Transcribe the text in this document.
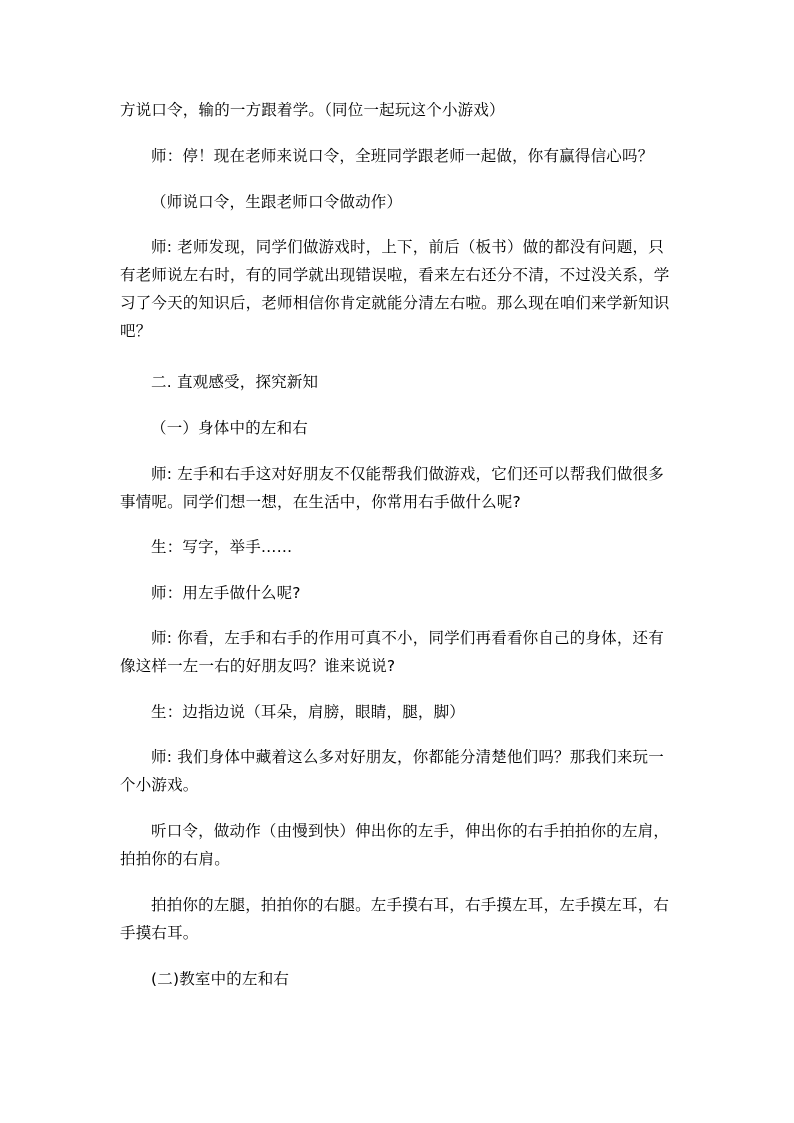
方说口令，输的一方跟着学。（同位一起玩这个小游戏）

师：停！现在老师来说口令，全班同学跟老师一起做，你有赢得信心吗？

（师说口令，生跟老师口令做动作）

师: 老师发现，同学们做游戏时，上下，前后（板书）做的都没有问题，只有老师说左右时，有的同学就出现错误啦，看来左右还分不清，不过没关系，学习了今天的知识后，老师相信你肯定就能分清左右啦。那么现在咱们来学新知识吧？

二. 直观感受，探究新知

（一）身体中的左和右

师: 左手和右手这对好朋友不仅能帮我们做游戏，它们还可以帮我们做很多事情呢。同学们想一想，在生活中，你常用右手做什么呢?

生：写字，举手……

师：用左手做什么呢?

师: 你看，左手和右手的作用可真不小，同学们再看看你自己的身体，还有像这样一左一右的好朋友吗？谁来说说?

生：边指边说（耳朵，肩膀，眼睛，腿，脚）

师: 我们身体中藏着这么多对好朋友，你都能分清楚他们吗？那我们来玩一个小游戏。

听口令，做动作（由慢到快）伸出你的左手，伸出你的右手拍拍你的左肩，拍拍你的右肩。

拍拍你的左腿，拍拍你的右腿。左手摸右耳，右手摸左耳，左手摸左耳，右手摸右耳。

(二)教室中的左和右
